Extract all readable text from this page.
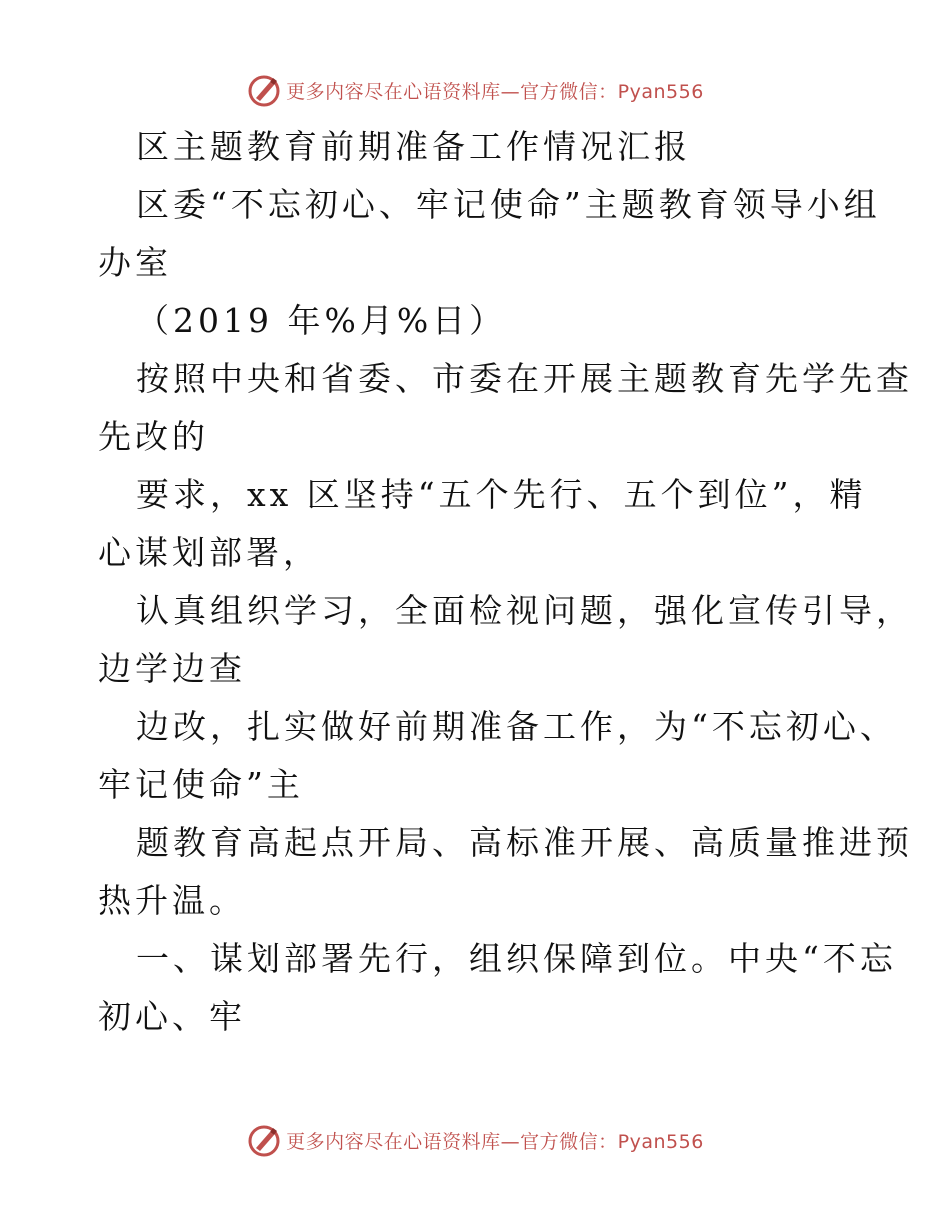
更多内容尽在心语资料库—官方微信：Pyan556
区主题教育前期准备工作情况汇报
区委“不忘初心、牢记使命”主题教育领导小组
办室
（2019 年%月%日）
按照中央和省委、市委在开展主题教育先学先查
先改的
要求，xx 区坚持“五个先行、五个到位”，精
心谋划部署，
认真组织学习，全面检视问题，强化宣传引导，
边学边查
边改，扎实做好前期准备工作，为“不忘初心、
牢记使命”主
题教育高起点开局、高标准开展、高质量推进预
热升温。
一、谋划部署先行，组织保障到位。中央“不忘
初心、牢
更多内容尽在心语资料库—官方微信：Pyan556
